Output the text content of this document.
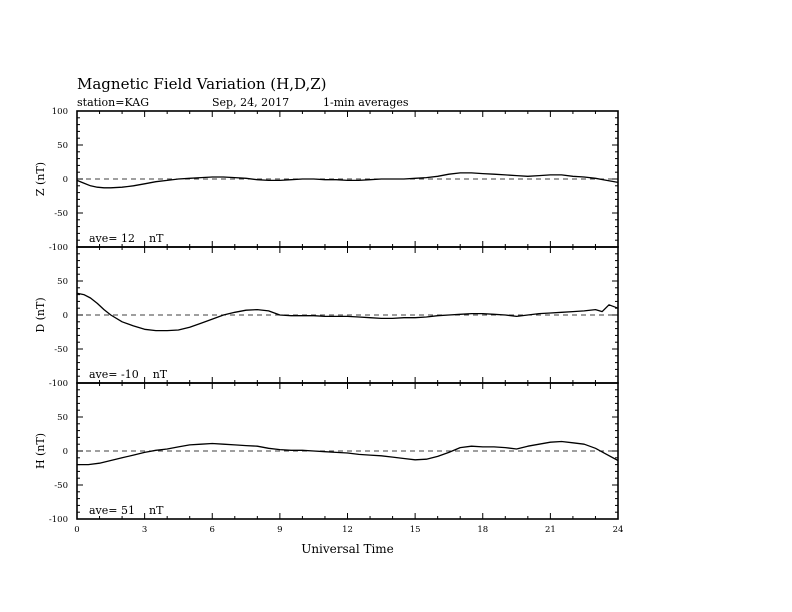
Magnetic Field Variation (H,D,Z)
station=KAG	Sep, 24, 2017	1-min averages
100
50
0
-50
-100
Z (nT)
ave= 12    nT
50
0
-50
-100
D (nT)
ave= -10    nT
50
0
-50
-100
H (nT)
ave= 51    nT
0	3	6	9	12	15	18	21	24
Universal Time
